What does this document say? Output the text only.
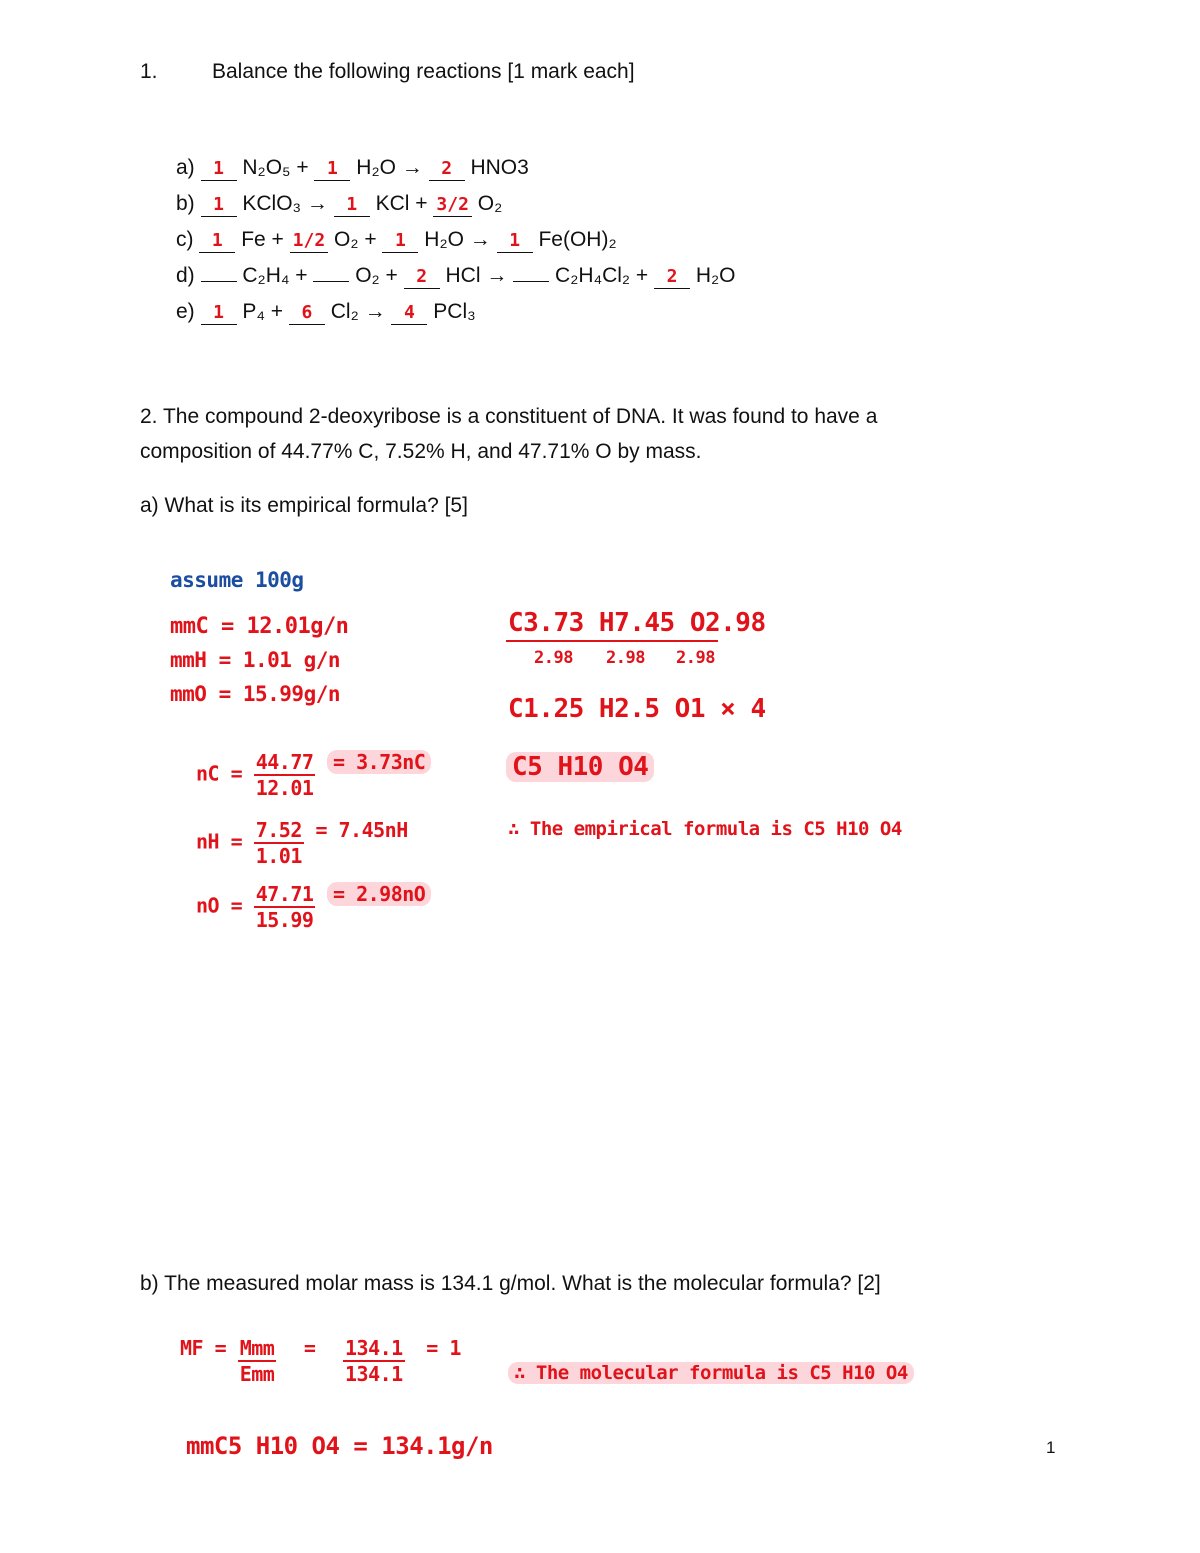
1.	Balance the following reactions [1 mark each]
a) 1 N₂O₅ + 1 H₂O → 2 HNO3
b) 1 KClO₃ → 1 KCl + 3/2 O₂
c) 1 Fe + 1/2 O₂ + 1 H₂O → 1 Fe(OH)₂
d) C₂H₄ + O₂ + 2 HCl → C₂H₄Cl₂ + 2 H₂O
e) 1 P₄ + 6 Cl₂ → 4 PCl₃
2. The compound 2-deoxyribose is a constituent of DNA. It was found to have a
composition of 44.77% C, 7.52% H, and 47.71% O by mass.
a) What is its empirical formula? [5]
assume 100g
mmC = 12.01g/n
mmH = 1.01 g/n
mmO = 15.99g/n
nC = $\frac{44.77}{12.01} = 3.73nC$
nH = $\frac{7.52}{1.01} = 7.45nH$
nO = $\frac{47.71}{15.99} = 2.98nO$
C3.73 H7.45 O2.98
2.98 2.98 2.98
C1.25 H2.5 O1 × 4
C5 H10 O4
∴ The empirical formula is C5 H10 O4
b) The measured molar mass is 134.1 g/mol. What is the molecular formula? [2]
MF = $\frac{\text{Mmm}}{\text{Emm}} = \frac{134.1}{134.1} = 1$
∴ The molecular formula is C5 H10 O4
mmC5 H10 O4 = 134.1g/n	1
